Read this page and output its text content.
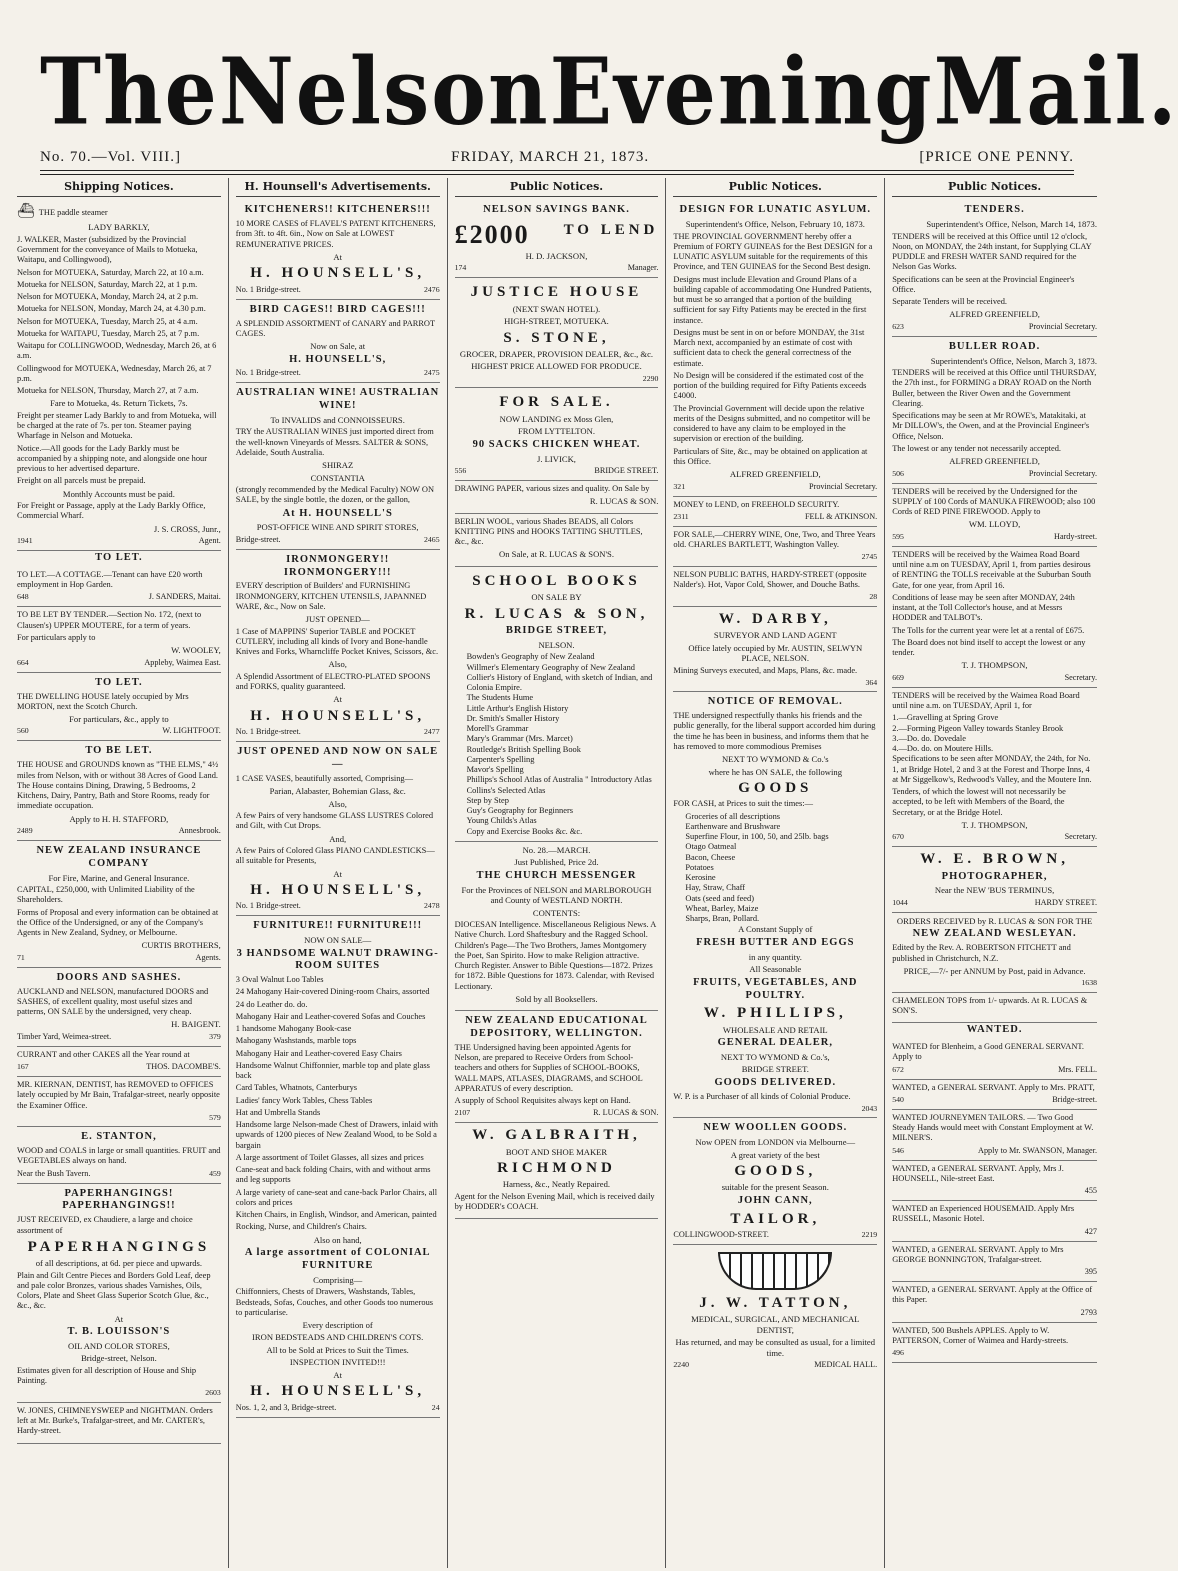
The Nelson Evening Mail.
No. 70.—Vol. VIII.]	FRIDAY, MARCH 21, 1873.	[PRICE ONE PENNY.
Shipping Notices.

⛴ THE paddle steamer

LADY BARKLY,

J. WALKER, Master (subsidized by the Provincial Government for the conveyance of Mails to Motueka, Waitapu, and Collingwood),

Nelson for MOTUEKA, Saturday, March 22, at 10 a.m.

Motueka for NELSON, Saturday, March 22, at 1 p.m.

Nelson for MOTUEKA, Monday, March 24, at 2 p.m.

Motueka for NELSON, Monday, March 24, at 4.30 p.m.

Nelson for MOTUEKA, Tuesday, March 25, at 4 a.m.

Motueka for WAITAPU, Tuesday, March 25, at 7 p.m.

Waitapu for COLLINGWOOD, Wednesday, March 26, at 6 a.m.

Collingwood for MOTUEKA, Wednesday, March 26, at 7 p.m.

Motueka for NELSON, Thursday, March 27, at 7 a.m.

Fare to Motueka, 4s. Return Tickets, 7s.

Freight per steamer Lady Barkly to and from Motueka, will be charged at the rate of 7s. per ton. Steamer paying Wharfage in Nelson and Motueka.

Notice.—All goods for the Lady Barkly must be accompanied by a shipping note, and alongside one hour previous to her advertised departure.

Freight on all parcels must be prepaid.

Monthly Accounts must be paid.

For Freight or Passage, apply at the Lady Barkly Office, Commercial Wharf.

J. S. CROSS, Junr.,

1941	Agent.
TO LET.

TO LET.—A COTTAGE.—Tenant can have £20 worth employment in Hop Garden.

648	J. SANDERS, Maitai.

TO BE LET BY TENDER.—Section No. 172, (next to Clausen's) UPPER MOUTERE, for a term of years.

For particulars apply to

W. WOOLEY,

664	Appleby, Waimea East.
TO LET.

THE DWELLING HOUSE lately occupied by Mrs MORTON, next the Scotch Church.

For particulars, &c., apply to

560	W. LIGHTFOOT.
TO BE LET.

THE HOUSE and GROUNDS known as "THE ELMS," 4½ miles from Nelson, with or without 38 Acres of Good Land. The House contains Dining, Drawing, 5 Bedrooms, 2 Kitchens, Dairy, Pantry, Bath and Store Rooms, ready for immediate occupation.

Apply to H. H. STAFFORD,

2489	Annesbrook.
NEW ZEALAND INSURANCE COMPANY

For Fire, Marine, and General Insurance.

CAPITAL, £250,000, with Unlimited Liability of the Shareholders.

Forms of Proposal and every information can be obtained at the Office of the Undersigned, or any of the Company's Agents in New Zealand, Sydney, or Melbourne.

CURTIS BROTHERS,

71	Agents.
DOORS AND SASHES.

AUCKLAND and NELSON, manufactured DOORS and SASHES, of excellent quality, most useful sizes and patterns, ON SALE by the undersigned, very cheap.

H. BAIGENT.

Timber Yard, Weimea-street.	379

CURRANT and other CAKES all the Year round at

167	THOS. DACOMBE'S.

MR. KIERNAN, DENTIST, has REMOVED to OFFICES lately occupied by Mr Bain, Trafalgar-street, nearly opposite the Examiner Office.

579
E. STANTON,

WOOD and COALS in large or small quantities. FRUIT and VEGETABLES always on hand.

Near the Bush Tavern.	459
PAPERHANGINGS! PAPERHANGINGS!!

JUST RECEIVED, ex Chaudiere, a large and choice assortment of

PAPERHANGINGS

of all descriptions, at 6d. per piece and upwards.

Plain and Gilt Centre Pieces and Borders Gold Leaf, deep and pale color Bronzes, various shades Varnishes, Oils, Colors, Plate and Sheet Glass Superior Scotch Glue, &c., &c., &c.

At

T. B. LOUISSON'S

OIL AND COLOR STORES,

Bridge-street, Nelson.

Estimates given for all description of House and Ship Painting.

2603

W. JONES, CHIMNEYSWEEP and NIGHTMAN. Orders left at Mr. Burke's, Trafalgar-street, and Mr. CARTER's, Hardy-street.

H. Hounsell's Advertisements.
KITCHENERS!! KITCHENERS!!!

10 MORE CASES of FLAVEL'S PATENT KITCHENERS, from 3ft. to 4ft. 6in., Now on Sale at LOWEST REMUNERATIVE PRICES.

At

H. HOUNSELL'S,

No. 1 Bridge-street.	2476
BIRD CAGES!! BIRD CAGES!!!

A SPLENDID ASSORTMENT of CANARY and PARROT CAGES.

Now on Sale, at

H. HOUNSELL'S,

No. 1 Bridge-street.	2475
AUSTRALIAN WINE! AUSTRALIAN WINE!

To INVALIDS and CONNOISSEURS.

TRY the AUSTRALIAN WINES just imported direct from the well-known Vineyards of Messrs. SALTER & SONS, Adelaide, South Australia.

SHIRAZ

CONSTANTIA

(strongly recommended by the Medical Faculty) NOW ON SALE, by the single bottle, the dozen, or the gallon,

At H. HOUNSELL'S

POST-OFFICE WINE AND SPIRIT STORES,

Bridge-street.	2465
IRONMONGERY!! IRONMONGERY!!!

EVERY description of Builders' and FURNISHING IRONMONGERY, KITCHEN UTENSILS, JAPANNED WARE, &c., Now on Sale.

JUST OPENED—

1 Case of MAPPINS' Superior TABLE and POCKET CUTLERY, including all kinds of Ivory and Bone-handle Knives and Forks, Wharncliffe Pocket Knives, Scissors, &c.

Also,

A Splendid Assortment of ELECTRO-PLATED SPOONS and FORKS, quality guaranteed.

At

H. HOUNSELL'S,

No. 1 Bridge-street.	2477
JUST OPENED AND NOW ON SALE—

1 CASE VASES, beautifully assorted, Comprising—

Parian, Alabaster, Bohemian Glass, &c.

Also,

A few Pairs of very handsome GLASS LUSTRES Colored and Gilt, with Cut Drops.

And,

A few Pairs of Colored Glass PIANO CANDLESTICKS—all suitable for Presents,

At

H. HOUNSELL'S,

No. 1 Bridge-street.	2478
FURNITURE!! FURNITURE!!!

NOW ON SALE—

3 HANDSOME WALNUT DRAWING-ROOM SUITES

3 Oval Walnut Loo Tables

24 Mahogany Hair-covered Dining-room Chairs, assorted

24 do Leather do. do.

Mahogany Hair and Leather-covered Sofas and Couches

1 handsome Mahogany Book-case

Mahogany Washstands, marble tops

Mahogany Hair and Leather-covered Easy Chairs

Handsome Walnut Chiffonnier, marble top and plate glass back

Card Tables, Whatnots, Canterburys

Ladies' fancy Work Tables, Chess Tables

Hat and Umbrella Stands

Handsome large Nelson-made Chest of Drawers, inlaid with upwards of 1200 pieces of New Zealand Wood, to be Sold a bargain

A large assortment of Toilet Glasses, all sizes and prices

Cane-seat and back folding Chairs, with and without arms and leg supports

A large variety of cane-seat and cane-back Parlor Chairs, all colors and prices

Kitchen Chairs, in English, Windsor, and American, painted

Rocking, Nurse, and Children's Chairs.

Also on hand,

A large assortment of COLONIAL FURNITURE

Comprising—

Chiffonniers, Chests of Drawers, Washstands, Tables, Bedsteads, Sofas, Couches, and other Goods too numerous to particularise.

Every description of

IRON BEDSTEADS AND CHILDREN'S COTS.

All to be Sold at Prices to Suit the Times.

INSPECTION INVITED!!!

At

H. HOUNSELL'S,

Nos. 1, 2, and 3, Bridge-street.	24
Public Notices.
NELSON SAVINGS BANK.
£2000 TO LEND

H. D. JACKSON,

174	Manager.
JUSTICE HOUSE

(NEXT SWAN HOTEL).

HIGH-STREET, MOTUEKA.

S. STONE,

GROCER, DRAPER, PROVISION DEALER, &c., &c.

HIGHEST PRICE ALLOWED FOR PRODUCE.

2290
FOR SALE.

NOW LANDING ex Moss Glen,

FROM LYTTELTON.

90 SACKS CHICKEN WHEAT.

J. LIVICK,

556	BRIDGE STREET.

DRAWING PAPER, various sizes and quality. On Sale by

R. LUCAS & SON.

BERLIN WOOL, various Shades BEADS, all Colors KNITTING PINS and HOOKS TATTING SHUTTLES, &c., &c.

On Sale, at R. LUCAS & SON'S.

SCHOOL BOOKS

ON SALE BY

R. LUCAS & SON,

BRIDGE STREET,

NELSON.

Bowden's Geography of New Zealand
Willmer's Elementary Geography of New Zealand
Collier's History of England, with sketch of Indian, and Colonia Empire.
The Students Hume
Little Arthur's English History
Dr. Smith's Smaller History
Morell's Grammar
Mary's Grammar (Mrs. Marcet)
Routledge's British Spelling Book
Carpenter's Spelling
Mavor's Spelling
Phillips's School Atlas of Australia " Introductory Atlas
Collins's Selected Atlas
Step by Step
Guy's Geography for Beginners
Young Childs's Atlas
Copy and Exercise Books &c. &c.

No. 28.—MARCH.

Just Published, Price 2d.

THE CHURCH MESSENGER

For the Provinces of NELSON and MARLBOROUGH and County of WESTLAND NORTH.

CONTENTS:

DIOCESAN Intelligence. Miscellaneous Religious News. A Native Church. Lord Shaftesbury and the Ragged School. Children's Page—The Two Brothers, James Montgomery the Poet, San Spirito. How to make Religion attractive. Church Register. Answer to Bible Questions—1872. Prizes for 1872. Bible Questions for 1873. Calendar, with Revised Lectionary.

Sold by all Booksellers.

NEW ZEALAND EDUCATIONAL DEPOSITORY, WELLINGTON.

THE Undersigned having been appointed Agents for Nelson, are prepared to Receive Orders from School-teachers and others for Supplies of SCHOOL-BOOKS, WALL MAPS, ATLASES, DIAGRAMS, and SCHOOL APPARATUS of every description.

A supply of School Requisites always kept on Hand.

2107	R. LUCAS & SON.

W. GALBRAITH,

BOOT AND SHOE MAKER

RICHMOND

Harness, &c., Neatly Repaired.

Agent for the Nelson Evening Mail, which is received daily by HODDER's COACH.

Public Notices.
DESIGN FOR LUNATIC ASYLUM.

Superintendent's Office, Nelson, February 10, 1873.

THE PROVINCIAL GOVERNMENT hereby offer a Premium of FORTY GUINEAS for the Best DESIGN for a LUNATIC ASYLUM suitable for the requirements of this Province, and TEN GUINEAS for the Second Best design.

Designs must include Elevation and Ground Plans of a building capable of accommodating One Hundred Patients, but must be so arranged that a portion of the building sufficient for say Fifty Patients may be erected in the first instance.

Designs must be sent in on or before MONDAY, the 31st March next, accompanied by an estimate of cost with sufficient data to check the general correctness of the estimate.

No Design will be considered if the estimated cost of the portion of the building required for Fifty Patients exceeds £4000.

The Provincial Government will decide upon the relative merits of the Designs submitted, and no competitor will be considered to have any claim to be employed in the supervision or erection of the building.

Particulars of Site, &c., may be obtained on application at this Office.

ALFRED GREENFIELD,

321	Provincial Secretary.

MONEY to LEND, on FREEHOLD SECURITY.

2311	FELL & ATKINSON.

FOR SALE,—CHERRY WINE, One, Two, and Three Years old. CHARLES BARTLETT, Washington Valley.

2745

NELSON PUBLIC BATHS, HARDY-STREET (opposite Nalder's). Hot, Vapor Cold, Shower, and Douche Baths.

28

W. DARBY,

SURVEYOR AND LAND AGENT

Office lately occupied by Mr. AUSTIN, SELWYN PLACE, NELSON.

Mining Surveys executed, and Maps, Plans, &c. made.

364
NOTICE OF REMOVAL.

THE undersigned respectfully thanks his friends and the public generally, for the liberal support accorded him during the time he has been in business, and informs them that he has removed to more commodious Premises

NEXT TO WYMOND & Co.'s

where he has ON SALE, the following

GOODS

FOR CASH, at Prices to suit the times:—

Groceries of all descriptions
Earthenware and Brushware
Superfine Flour, in 100, 50, and 25lb. bags
Otago Oatmeal
Bacon, Cheese
Potatoes
Kerosine
Hay, Straw, Chaff
Oats (seed and feed)
Wheat, Barley, Maize
Sharps, Bran, Pollard.

A Constant Supply of

FRESH BUTTER AND EGGS

in any quantity.

All Seasonable

FRUITS, VEGETABLES, AND POULTRY.

W. PHILLIPS,

WHOLESALE AND RETAIL

GENERAL DEALER,

NEXT TO WYMOND & Co.'s,

BRIDGE STREET.

GOODS DELIVERED.

W. P. is a Purchaser of all kinds of Colonial Produce.

2043
NEW WOOLLEN GOODS.

Now OPEN from LONDON via Melbourne—

A great variety of the best

GOODS,

suitable for the present Season.

JOHN CANN,

TAILOR,

COLLINGWOOD-STREET.	2219

J. W. TATTON,

MEDICAL, SURGICAL, AND MECHANICAL DENTIST,

Has returned, and may be consulted as usual, for a limited time.

2240	MEDICAL HALL.
Public Notices.
TENDERS.

Superintendent's Office, Nelson, March 14, 1873.

TENDERS will be received at this Office until 12 o'clock, Noon, on MONDAY, the 24th instant, for Supplying CLAY PUDDLE and FRESH WATER SAND required for the Nelson Gas Works.

Specifications can be seen at the Provincial Engineer's Office.

Separate Tenders will be received.

ALFRED GREENFIELD,

623	Provincial Secretary.
BULLER ROAD.

Superintendent's Office, Nelson, March 3, 1873.

TENDERS will be received at this Office until THURSDAY, the 27th inst., for FORMING a DRAY ROAD on the North Buller, between the River Owen and the Government Clearing.

Specifications may be seen at Mr ROWE's, Matakitaki, at Mr DILLOW's, the Owen, and at the Provincial Engineer's Office, Nelson.

The lowest or any tender not necessarily accepted.

ALFRED GREENFIELD,

506	Provincial Secretary.

TENDERS will be received by the Undersigned for the SUPPLY of 100 Cords of MANUKA FIREWOOD; also 100 Cords of RED PINE FIREWOOD. Apply to

WM. LLOYD,

595	Hardy-street.

TENDERS will be received by the Waimea Road Board until nine a.m on TUESDAY, April 1, from parties desirous of RENTING the TOLLS receivable at the Suburban South Gate, for one year, from April 16.

Conditions of lease may be seen after MONDAY, 24th instant, at the Toll Collector's house, and at Messrs HODDER and TALBOT's.

The Tolls for the current year were let at a rental of £675.

The Board does not bind itself to accept the lowest or any tender.

T. J. THOMPSON,

669	Secretary.

TENDERS will be received by the Waimea Road Board until nine a.m. on TUESDAY, April 1, for

1.—Gravelling at Spring Grove
2.—Forming Pigeon Valley towards Stanley Brook
3.—Do. do. Dovedale
4.—Do. do. on Moutere Hills.

Specifications to be seen after MONDAY, the 24th, for No. 1, at Bridge Hotel, 2 and 3 at the Forest and Thorpe Inns, 4 at Mr Siggelkow's, Redwood's Valley, and the Moutere Inn.

Tenders, of which the lowest will not necessarily be accepted, to be left with Members of the Board, the Secretary, or at the Bridge Hotel.

T. J. THOMPSON,

670	Secretary.

W. E. BROWN,

PHOTOGRAPHER,

Near the NEW 'BUS TERMINUS,

1044	HARDY STREET.

ORDERS RECEIVED by R. LUCAS & SON FOR THE

NEW ZEALAND WESLEYAN.

Edited by the Rev. A. ROBERTSON FITCHETT and published in Christchurch, N.Z.

PRICE,—7/- per ANNUM by Post, paid in Advance.

1638

CHAMELEON TOPS from 1/- upwards. At R. LUCAS & SON'S.

WANTED.

WANTED for Blenheim, a Good GENERAL SERVANT. Apply to

672	Mrs. FELL.

WANTED, a GENERAL SERVANT. Apply to Mrs. PRATT,

540	Bridge-street.

WANTED JOURNEYMEN TAILORS. — Two Good Steady Hands would meet with Constant Employment at W. MILNER'S.

546	Apply to Mr. SWANSON, Manager.

WANTED, a GENERAL SERVANT. Apply, Mrs J. HOUNSELL, Nile-street East.

455

WANTED an Experienced HOUSEMAID. Apply Mrs RUSSELL, Masonic Hotel.

427

WANTED, a GENERAL SERVANT. Apply to Mrs GEORGE BONNINGTON, Trafalgar-street.

395

WANTED, a GENERAL SERVANT. Apply at the Office of this Paper.

2793

WANTED, 500 Bushels APPLES. Apply to W. PATTERSON, Corner of Waimea and Hardy-streets.

496
